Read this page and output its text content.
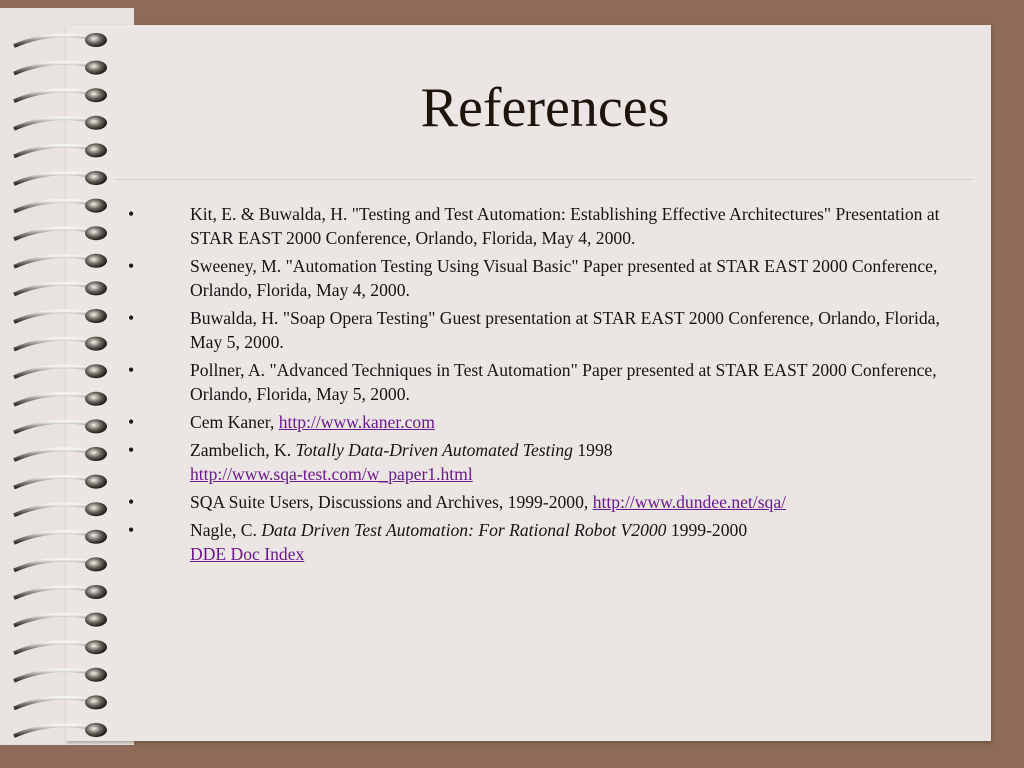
References
•	Kit, E. & Buwalda, H. "Testing and Test Automation: Establishing Effective Architectures" Presentation at STAR EAST 2000 Conference, Orlando, Florida, May 4, 2000.
•	Sweeney, M. "Automation Testing Using Visual Basic" Paper presented at STAR EAST 2000 Conference, Orlando, Florida, May 4, 2000.
•	Buwalda, H. "Soap Opera Testing" Guest presentation at STAR EAST 2000 Conference, Orlando, Florida, May 5, 2000.
•	Pollner, A. "Advanced Techniques in Test Automation" Paper presented at STAR EAST 2000 Conference, Orlando, Florida, May 5, 2000.
•	Cem Kaner, http://www.kaner.com
•	Zambelich, K. Totally Data-Driven Automated Testing 1998
http://www.sqa-test.com/w_paper1.html
•	SQA Suite Users, Discussions and Archives, 1999-2000, http://www.dundee.net/sqa/
•	Nagle, C. Data Driven Test Automation: For Rational Robot V2000 1999-2000
DDE Doc Index
